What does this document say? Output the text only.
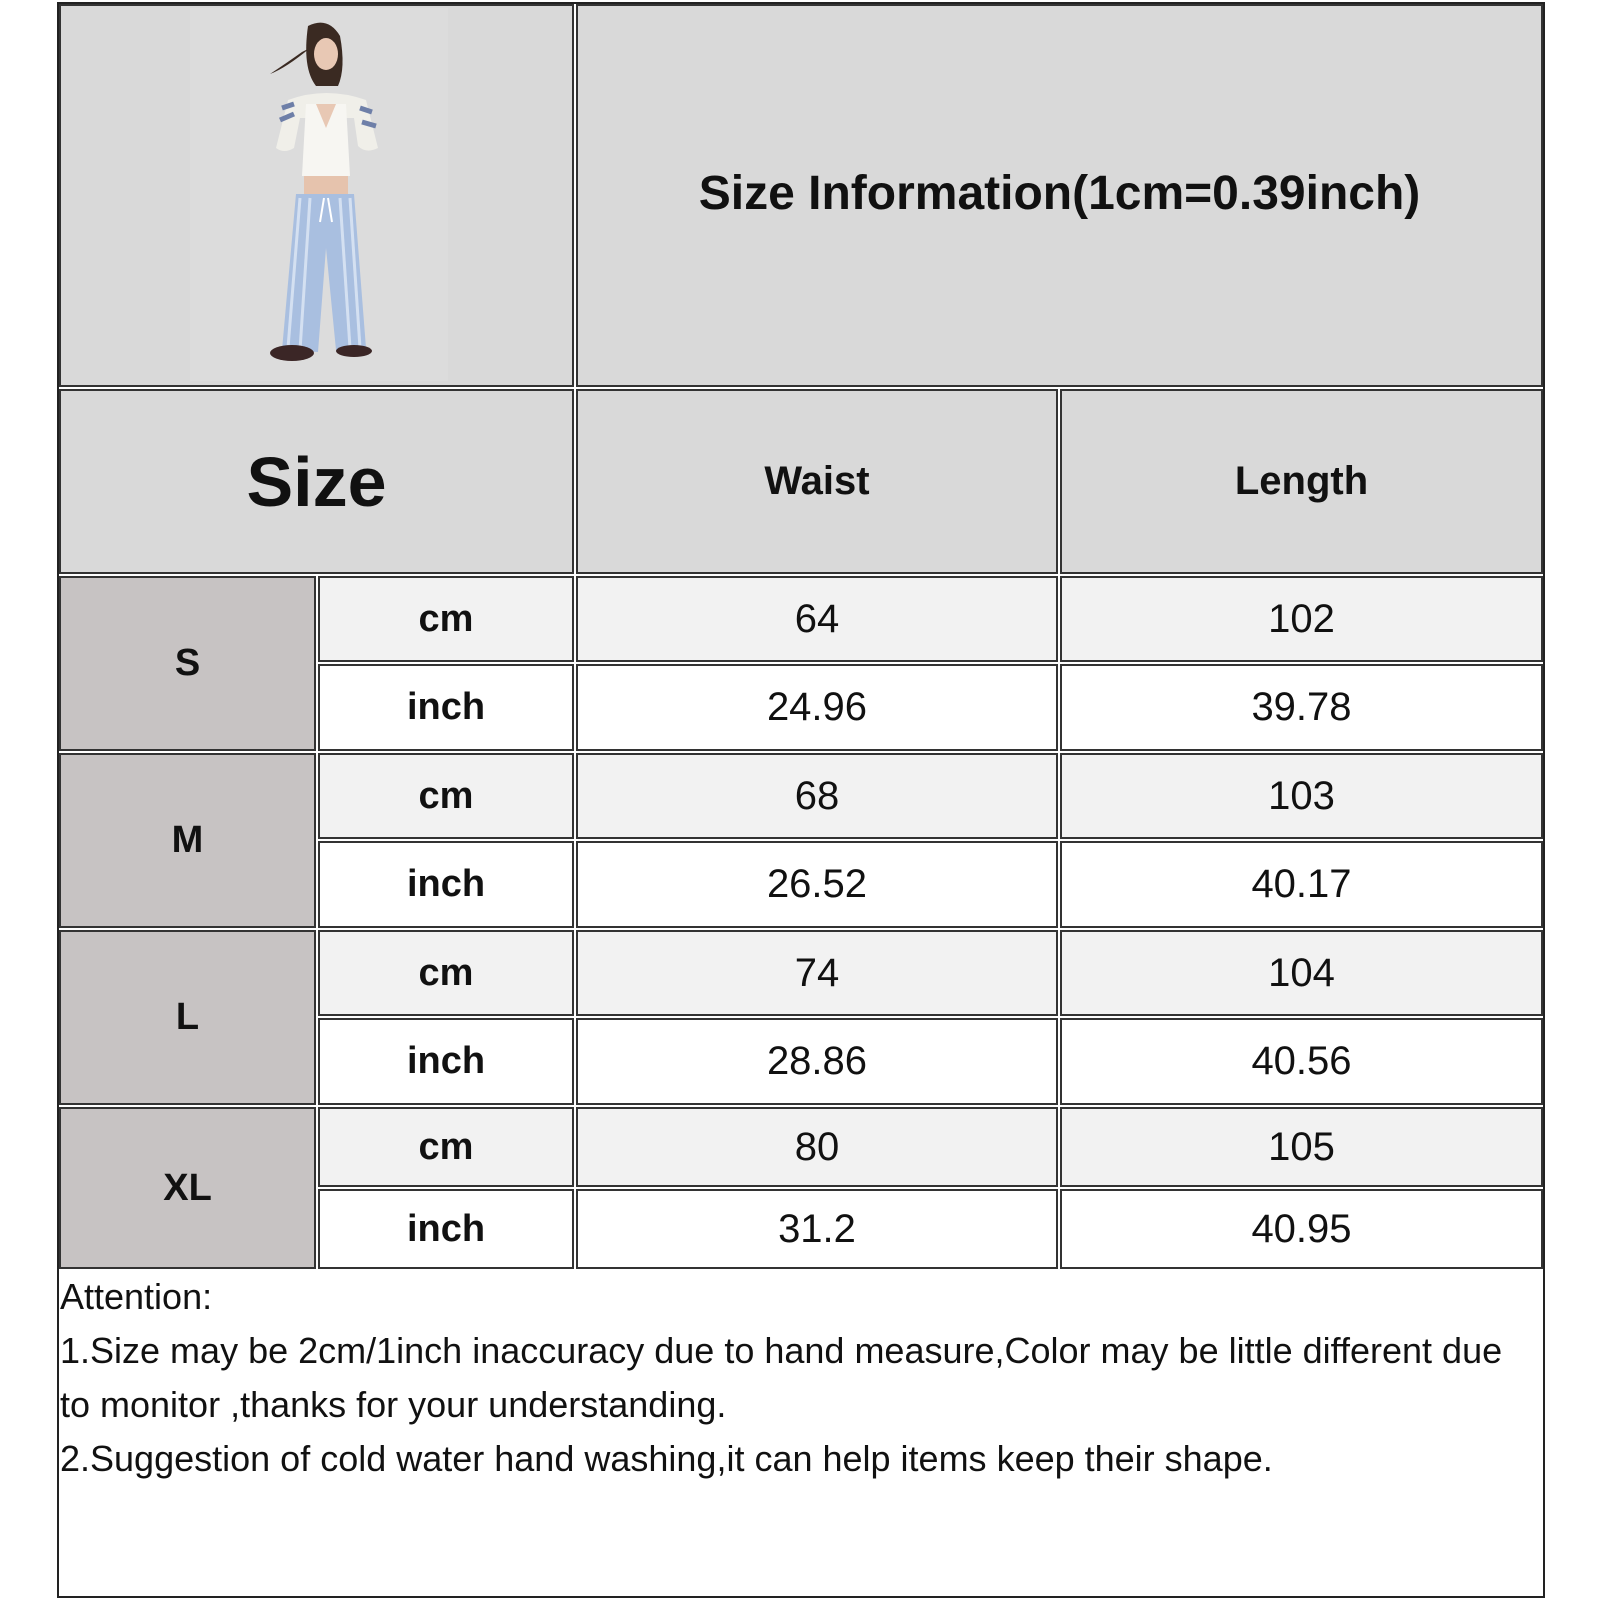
Size Information(1cm=0.39inch)
Size	Waist	Length
S
cm	64	102
inch	24.96	39.78
M
cm	68	103
inch	26.52	40.17
L
cm	74	104
inch	28.86	40.56
XL
cm	80	105
inch	31.2	40.95
Attention:
1.Size may be 2cm/1inch inaccuracy due to hand measure,Color may be little different due to monitor ,thanks for your understanding.
2.Suggestion of cold water hand washing,it can help items keep their shape.
